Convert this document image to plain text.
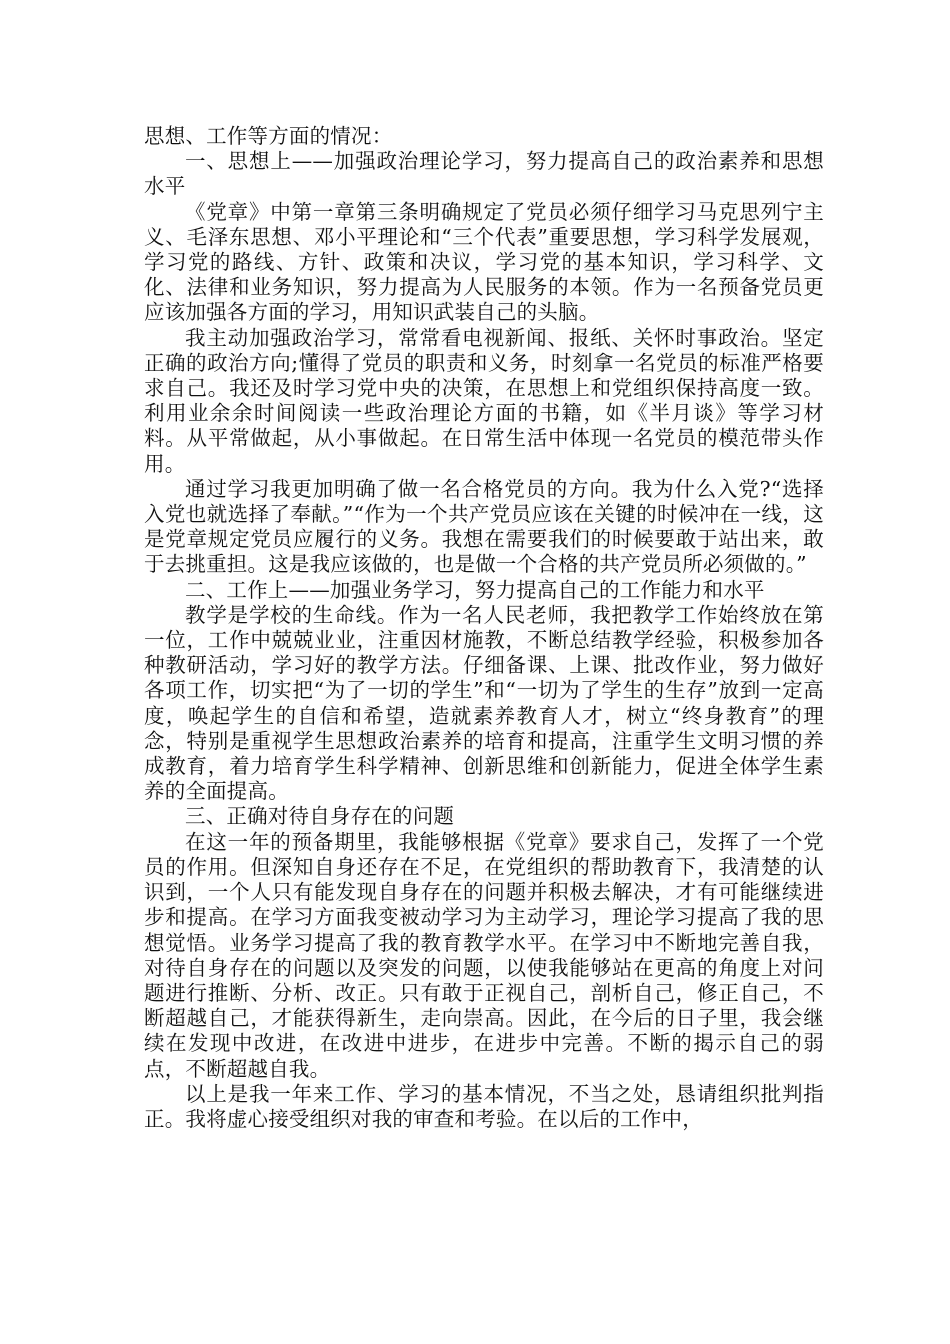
思想、工作等方面的情况：

一、思想上——加强政治理论学习，努力提高自己的政治素养和思想水平

《党章》中第一章第三条明确规定了党员必须仔细学习马克思列宁主义、毛泽东思想、邓小平理论和“三个代表”重要思想，学习科学发展观，学习党的路线、方针、政策和决议，学习党的基本知识，学习科学、文化、法律和业务知识，努力提高为人民服务的本领。作为一名预备党员更应该加强各方面的学习，用知识武装自己的头脑。

我主动加强政治学习，常常看电视新闻、报纸、关怀时事政治。坚定正确的政治方向;懂得了党员的职责和义务，时刻拿一名党员的标准严格要求自己。我还及时学习党中央的决策，在思想上和党组织保持高度一致。利用业余余时间阅读一些政治理论方面的书籍，如《半月谈》等学习材料。从平常做起，从小事做起。在日常生活中体现一名党员的模范带头作用。

通过学习我更加明确了做一名合格党员的方向。我为什么入党?“选择入党也就选择了奉献。”“作为一个共产党员应该在关键的时候冲在一线，这是党章规定党员应履行的义务。我想在需要我们的时候要敢于站出来，敢于去挑重担。这是我应该做的，也是做一个合格的共产党员所必须做的。”

二、工作上——加强业务学习，努力提高自己的工作能力和水平

教学是学校的生命线。作为一名人民老师，我把教学工作始终放在第一位，工作中兢兢业业，注重因材施教，不断总结教学经验，积极参加各种教研活动，学习好的教学方法。仔细备课、上课、批改作业，努力做好各项工作，切实把“为了一切的学生”和“一切为了学生的生存”放到一定高度，唤起学生的自信和希望，造就素养教育人才，树立“终身教育”的理念，特别是重视学生思想政治素养的培育和提高，注重学生文明习惯的养成教育，着力培育学生科学精神、创新思维和创新能力，促进全体学生素养的全面提高。

三、正确对待自身存在的问题

在这一年的预备期里，我能够根据《党章》要求自己，发挥了一个党员的作用。但深知自身还存在不足，在党组织的帮助教育下，我清楚的认识到，一个人只有能发现自身存在的问题并积极去解决，才有可能继续进步和提高。在学习方面我变被动学习为主动学习，理论学习提高了我的思想觉悟。业务学习提高了我的教育教学水平。在学习中不断地完善自我，对待自身存在的问题以及突发的问题，以使我能够站在更高的角度上对问题进行推断、分析、改正。只有敢于正视自己，剖析自己，修正自己，不断超越自己，才能获得新生，走向崇高。因此，在今后的日子里，我会继续在发现中改进，在改进中进步，在进步中完善。不断的揭示自己的弱点，不断超越自我。

以上是我一年来工作、学习的基本情况，不当之处，恳请组织批判指正。我将虚心接受组织对我的审查和考验。在以后的工作中，
